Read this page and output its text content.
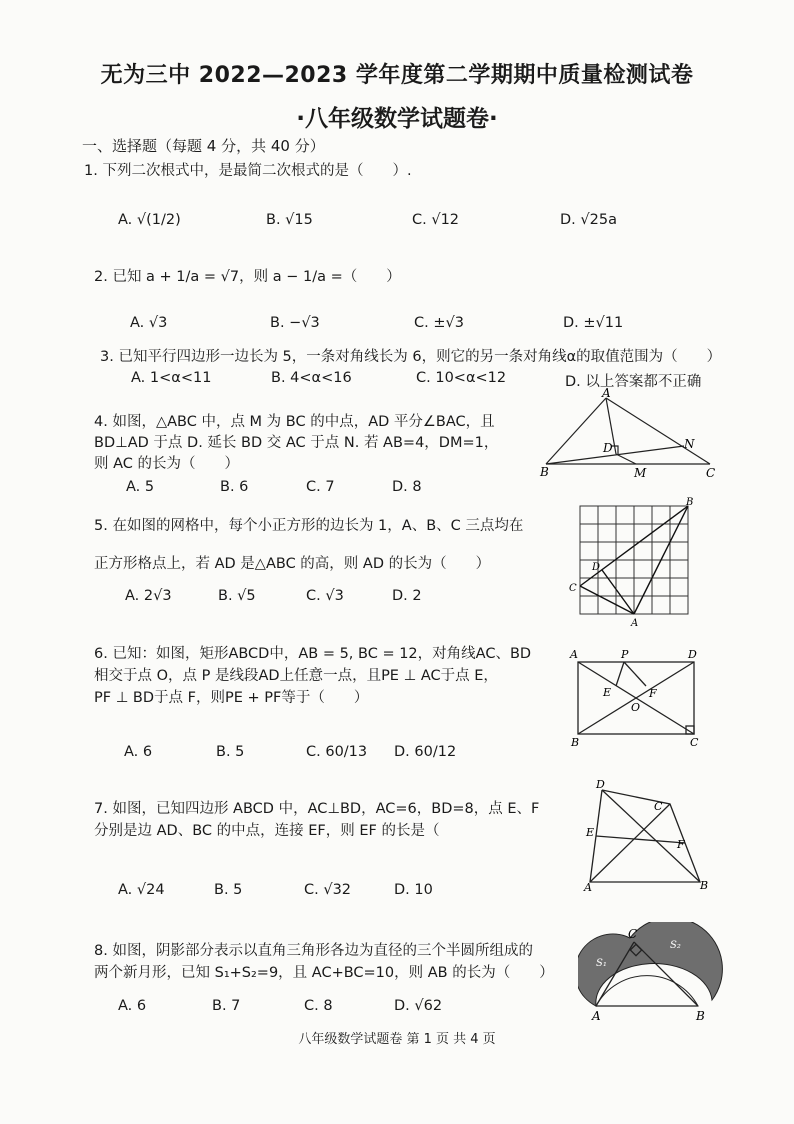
无为三中 2022—2023 学年度第二学期期中质量检测试卷
·八年级数学试题卷·
一、选择题（每题 4 分，共 40 分）
1. 下列二次根式中，是最简二次根式的是（　　）.
A. √(1/2)	B. √15	C. √12	D. √25a
2. 已知 a + 1/a = √7，则 a − 1/a =（　　）
A. √3	B. −√3	C. ±√3	D. ±√11
3. 已知平行四边形一边长为 5，一条对角线长为 6，则它的另一条对角线α的取值范围为（　　）
A. 1<α<11	B. 4<α<16	C. 10<α<12	D. 以上答案都不正确
4. 如图，△ABC 中，点 M 为 BC 的中点，AD 平分∠BAC，且
BD⊥AD 于点 D. 延长 BD 交 AC 于点 N. 若 AB=4，DM=1，
则 AC 的长为（　　）
A. 5	B. 6	C. 7	D. 8
A
D	N
B	M	C
5. 在如图的网格中，每个小正方形的边长为 1，A、B、C 三点均在
正方形格点上，若 AD 是△ABC 的高，则 AD 的长为（　　）
A. 2√3	B. √5	C. √3	D. 2
B
D
C
A
6. 已知：如图，矩形ABCD中，AB = 5, BC = 12，对角线AC、BD
相交于点 O，点 P 是线段AD上任意一点，且PE ⊥ AC于点 E，
PF ⊥ BD于点 F，则PE + PF等于（　　）
A. 6	B. 5	C. 60/13 D. 60/12
A	P	D
E	F
O
B	C
7. 如图，已知四边形 ABCD 中，AC⊥BD，AC=6，BD=8，点 E、F
分别是边 AD、BC 的中点，连接 EF，则 EF 的长是（
A. √24	B. 5	C. √32	D. 10
D
C
E
F
A	B
8. 如图，阴影部分表示以直角三角形各边为直径的三个半圆所组成的
两个新月形，已知 S₁+S₂=9，且 AC+BC=10，则 AB 的长为（　　）
A. 6	B. 7	C. 8	D. √62
C
S₁
S₂
A	B
八年级数学试题卷 第 1 页 共 4 页
